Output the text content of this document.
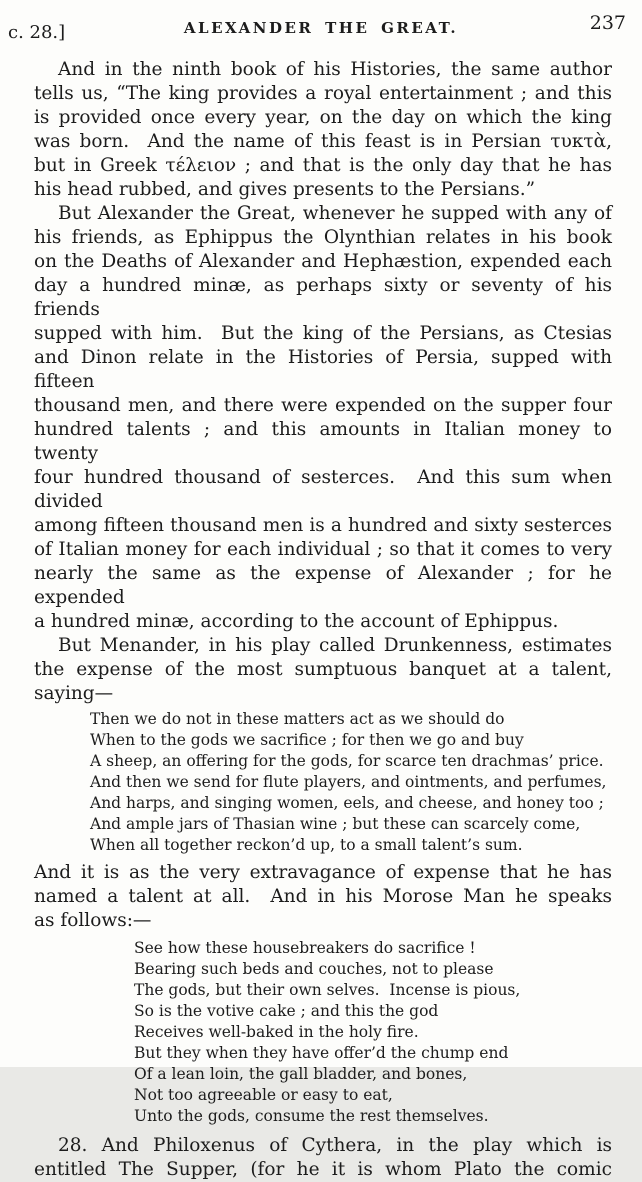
c. 28.]	ALEXANDER THE GREAT.	237
And in the ninth book of his Histories, the same author
tells us, “The king provides a royal entertainment ; and this
is provided once every year, on the day on which the king
was born.  And the name of this feast is in Persian τυκτὰ,
but in Greek τέλειον ; and that is the only day that he has
his head rubbed, and gives presents to the Persians.”
But Alexander the Great, whenever he supped with any of
his friends, as Ephippus the Olynthian relates in his book
on the Deaths of Alexander and Hephæstion, expended each
day a hundred minæ, as perhaps sixty or seventy of his friends
supped with him.  But the king of the Persians, as Ctesias
and Dinon relate in the Histories of Persia, supped with fifteen
thousand men, and there were expended on the supper four
hundred talents ; and this amounts in Italian money to twenty
four hundred thousand of sesterces.  And this sum when divided
among fifteen thousand men is a hundred and sixty sesterces
of Italian money for each individual ; so that it comes to very
nearly the same as the expense of Alexander ; for he expended
a hundred minæ, according to the account of Ephippus.
But Menander, in his play called Drunkenness, estimates
the expense of the most sumptuous banquet at a talent,
saying—
Then we do not in these matters act as we should do
When to the gods we sacrifice ; for then we go and buy
A sheep, an offering for the gods, for scarce ten drachmas’ price.
And then we send for flute players, and ointments, and perfumes,
And harps, and singing women, eels, and cheese, and honey too ;
And ample jars of Thasian wine ; but these can scarcely come,
When all together reckon’d up, to a small talent’s sum.
And it is as the very extravagance of expense that he has
named a talent at all.  And in his Morose Man he speaks
as follows:—
See how these housebreakers do sacrifice !
Bearing such beds and couches, not to please
The gods, but their own selves.  Incense is pious,
So is the votive cake ; and this the god
Receives well-baked in the holy fire.
But they when they have offer’d the chump end
Of a lean loin, the gall bladder, and bones,
Not too agreeable or easy to eat,
Unto the gods, consume the rest themselves.
28. And Philoxenus of Cythera, in the play which is
entitled The Supper, (for he it is whom Plato the comic
